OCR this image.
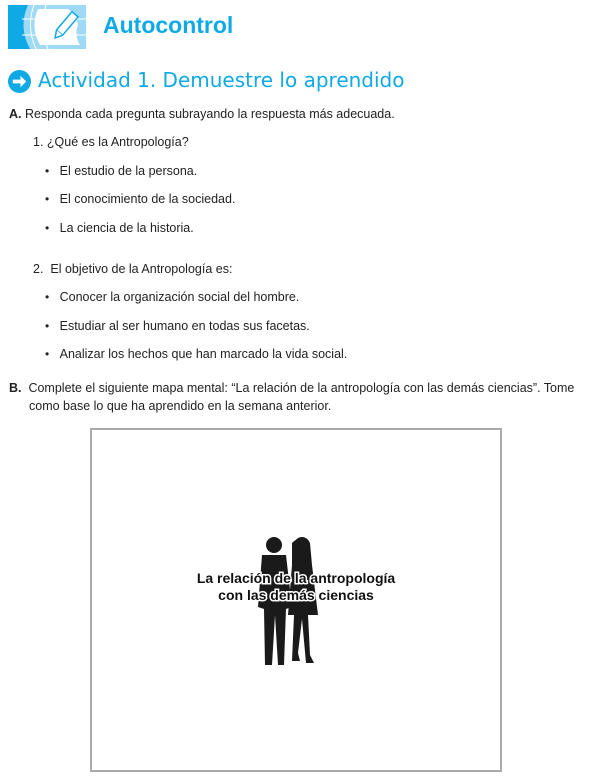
Autocontrol
Actividad 1. Demuestre lo aprendido
A. Responda cada pregunta subrayando la respuesta más adecuada.
1. ¿Qué es la Antropología?
• El estudio de la persona.
• El conocimiento de la sociedad.
• La ciencia de la historia.
2.  El objetivo de la Antropología es:
• Conocer la organización social del hombre.
• Estudiar al ser humano en todas sus facetas.
• Analizar los hechos que han marcado la vida social.
B. Complete el siguiente mapa mental: “La relación de la antropología con las demás ciencias”. Tome como base lo que ha aprendido en la semana anterior.
La relación de la antropología
con las demás ciencias
